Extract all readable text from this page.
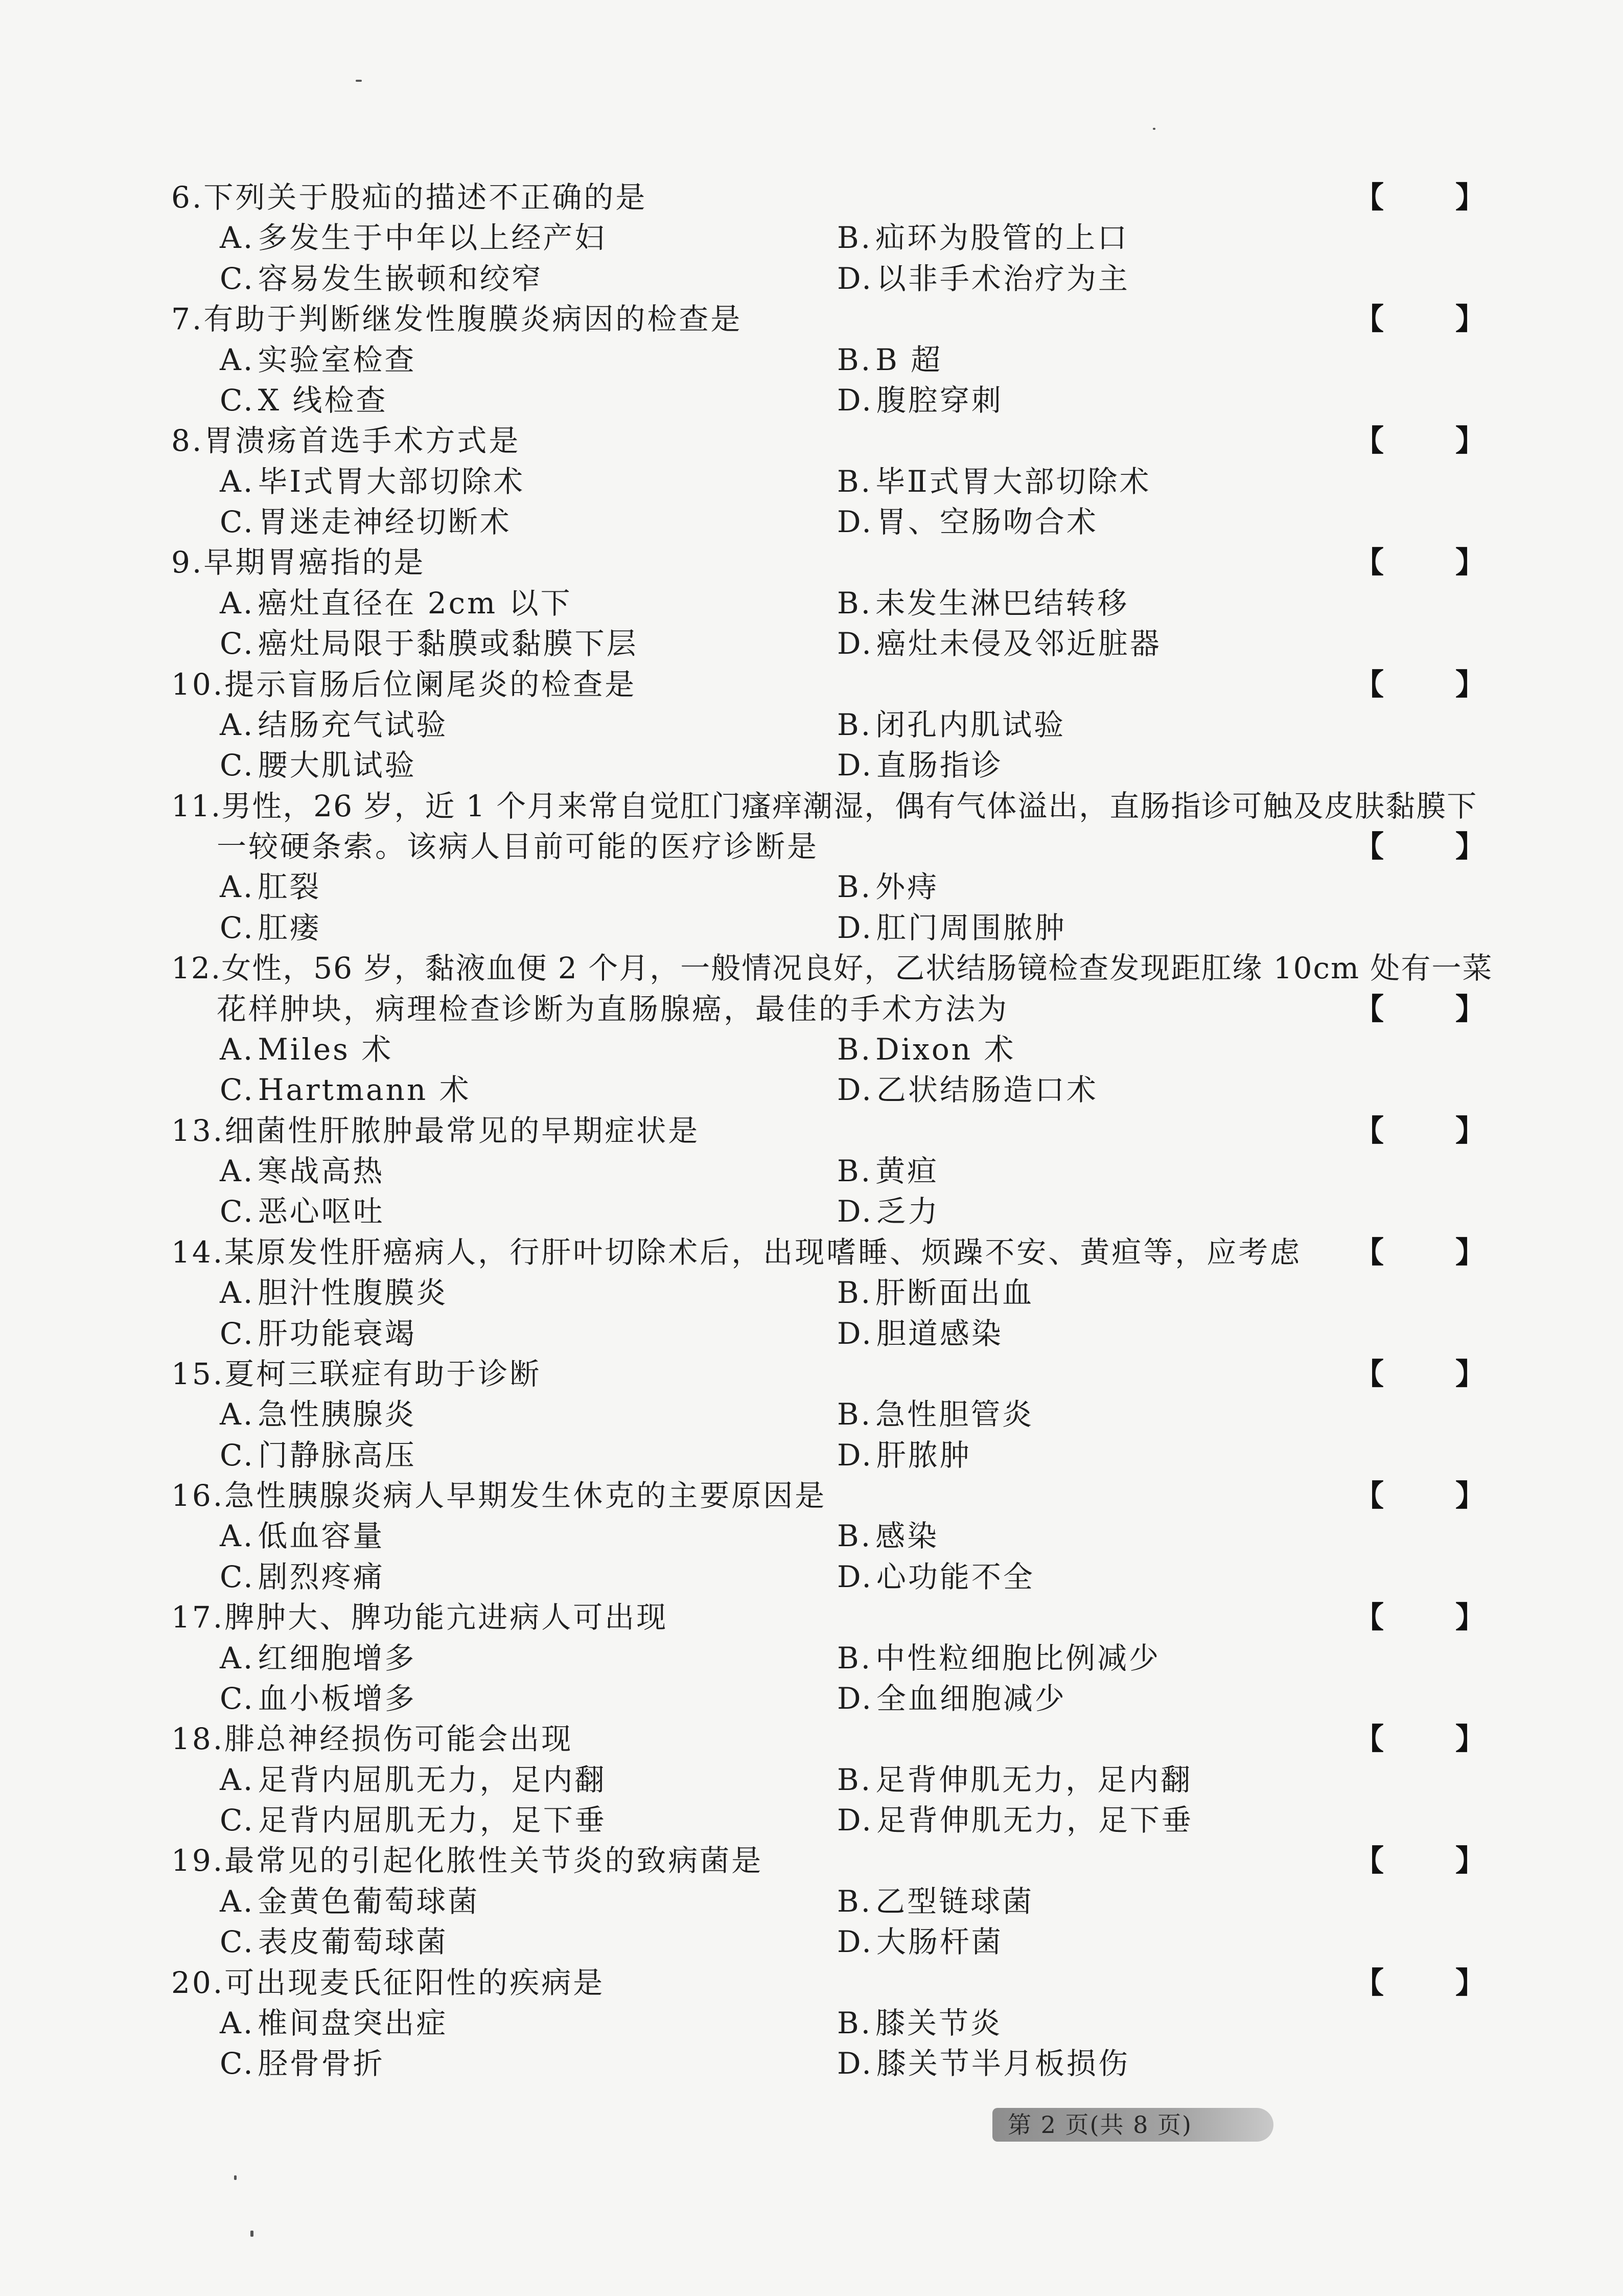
6.下列关于股疝的描述不正确的是	【 】
A. 多发生于中年以上经产妇	B. 疝环为股管的上口
C. 容易发生嵌顿和绞窄	D. 以非手术治疗为主
7.有助于判断继发性腹膜炎病因的检查是	【 】
A. 实验室检查	B. B 超
C. X 线检查	D. 腹腔穿刺
8.胃溃疡首选手术方式是	【 】
A. 毕Ⅰ式胃大部切除术	B. 毕Ⅱ式胃大部切除术
C. 胃迷走神经切断术	D. 胃、空肠吻合术
9.早期胃癌指的是	【 】
A. 癌灶直径在 2cm 以下	B. 未发生淋巴结转移
C. 癌灶局限于黏膜或黏膜下层	D. 癌灶未侵及邻近脏器
10.提示盲肠后位阑尾炎的检查是	【 】
A. 结肠充气试验	B. 闭孔内肌试验
C. 腰大肌试验	D. 直肠指诊
11.男性，26 岁，近 1 个月来常自觉肛门瘙痒潮湿，偶有气体溢出，直肠指诊可触及皮肤黏膜下
一较硬条索。该病人目前可能的医疗诊断是	【 】
A. 肛裂	B. 外痔
C. 肛瘘	D. 肛门周围脓肿
12.女性，56 岁，黏液血便 2 个月，一般情况良好，乙状结肠镜检查发现距肛缘 10cm 处有一菜
花样肿块，病理检查诊断为直肠腺癌，最佳的手术方法为	【 】
A. Miles 术	B. Dixon 术
C. Hartmann 术	D. 乙状结肠造口术
13.细菌性肝脓肿最常见的早期症状是	【 】
A. 寒战高热	B. 黄疸
C. 恶心呕吐	D. 乏力
14.某原发性肝癌病人，行肝叶切除术后，出现嗜睡、烦躁不安、黄疸等，应考虑 【 】
A. 胆汁性腹膜炎	B. 肝断面出血
C. 肝功能衰竭	D. 胆道感染
15.夏柯三联症有助于诊断	【 】
A. 急性胰腺炎	B. 急性胆管炎
C. 门静脉高压	D. 肝脓肿
16.急性胰腺炎病人早期发生休克的主要原因是	【 】
A. 低血容量	B. 感染
C. 剧烈疼痛	D. 心功能不全
17.脾肿大、脾功能亢进病人可出现	【 】
A. 红细胞增多	B. 中性粒细胞比例减少
C. 血小板增多	D. 全血细胞减少
18.腓总神经损伤可能会出现	【 】
A. 足背内屈肌无力，足内翻	B. 足背伸肌无力，足内翻
C. 足背内屈肌无力，足下垂	D. 足背伸肌无力，足下垂
19.最常见的引起化脓性关节炎的致病菌是	【 】
A. 金黄色葡萄球菌	B. 乙型链球菌
C. 表皮葡萄球菌	D. 大肠杆菌
20.可出现麦氏征阳性的疾病是	【 】
A. 椎间盘突出症	B. 膝关节炎
C. 胫骨骨折	D. 膝关节半月板损伤
第 2 页(共 8 页)
